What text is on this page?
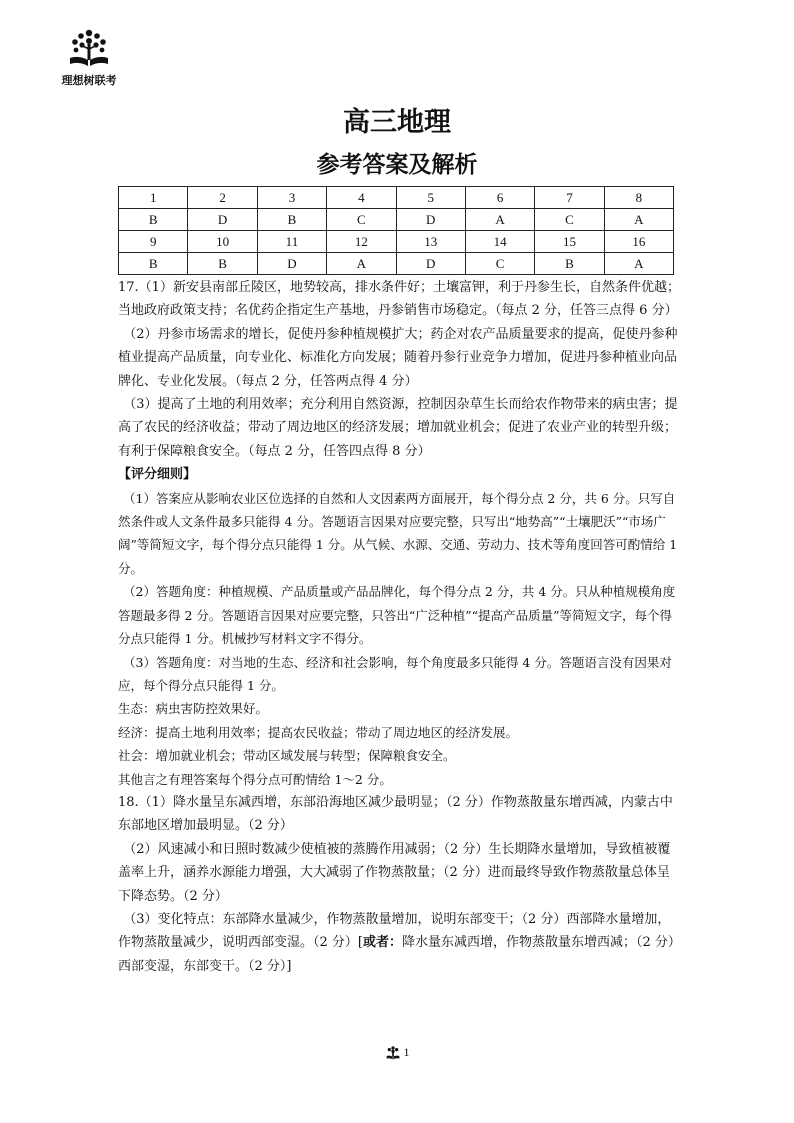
理想树联考
高三地理
参考答案及解析
1	2	3	4	5	6	7	8
B	D	B	C	D	A	C	A
9	10	11	12	13	14	15	16
B	B	D	A	D	C	B	A

17.（1）新安县南部丘陵区，地势较高，排水条件好；土壤富钾，利于丹参生长，自然条件优越；当地政府政策支持；名优药企指定生产基地，丹参销售市场稳定。（每点 2 分，任答三点得 6 分）

（2）丹参市场需求的增长，促使丹参种植规模扩大；药企对农产品质量要求的提高，促使丹参种植业提高产品质量，向专业化、标准化方向发展；随着丹参行业竞争力增加，促进丹参种植业向品牌化、专业化发展。（每点 2 分，任答两点得 4 分）

（3）提高了土地的利用效率；充分利用自然资源，控制因杂草生长而给农作物带来的病虫害；提高了农民的经济收益；带动了周边地区的经济发展；增加就业机会；促进了农业产业的转型升级；有利于保障粮食安全。（每点 2 分，任答四点得 8 分）

【评分细则】

（1）答案应从影响农业区位选择的自然和人文因素两方面展开，每个得分点 2 分，共 6 分。只写自然条件或人文条件最多只能得 4 分。答题语言因果对应要完整，只写出“地势高”“土壤肥沃”“市场广阔”等简短文字，每个得分点只能得 1 分。从气候、水源、交通、劳动力、技术等角度回答可酌情给 1 分。

（2）答题角度：种植规模、产品质量或产品品牌化，每个得分点 2 分，共 4 分。只从种植规模角度答题最多得 2 分。答题语言因果对应要完整，只答出“广泛种植”“提高产品质量”等简短文字，每个得分点只能得 1 分。机械抄写材料文字不得分。

（3）答题角度：对当地的生态、经济和社会影响，每个角度最多只能得 4 分。答题语言没有因果对应，每个得分点只能得 1 分。

生态：病虫害防控效果好。

经济：提高土地利用效率；提高农民收益；带动了周边地区的经济发展。

社会：增加就业机会；带动区域发展与转型；保障粮食安全。

其他言之有理答案每个得分点可酌情给 1～2 分。

18.（1）降水量呈东减西增，东部沿海地区减少最明显；（2 分）作物蒸散量东增西减，内蒙古中东部地区增加最明显。（2 分）

（2）风速减小和日照时数减少使植被的蒸腾作用减弱；（2 分）生长期降水量增加，导致植被覆盖率上升，涵养水源能力增强，大大减弱了作物蒸散量；（2 分）进而最终导致作物蒸散量总体呈下降态势。（2 分）

（3）变化特点：东部降水量减少，作物蒸散量增加，说明东部变干；（2 分）西部降水量增加，作物蒸散量减少，说明西部变湿。（2 分）[或者：降水量东减西增，作物蒸散量东增西减；（2 分）西部变湿，东部变干。（2 分）]

1
